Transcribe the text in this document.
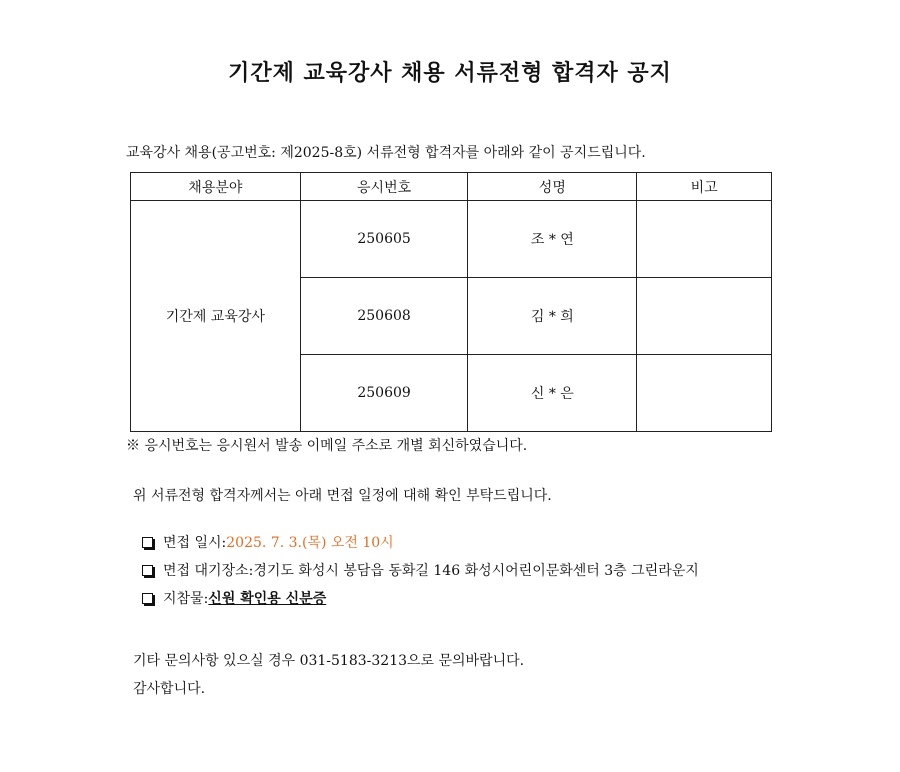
기간제 교육강사 채용 서류전형 합격자 공지
교육강사 채용(공고번호: 제2025-8호) 서류전형 합격자를 아래와 같이 공지드립니다.
채용분야	응시번호	성명	비고
기간제 교육강사	250605	조 * 연	
	250608	김 * 희	
	250609	신 * 은	
※ 응시번호는 응시원서 발송 이메일 주소로 개별 회신하였습니다.
위 서류전형 합격자께서는 아래 면접 일정에 대해 확인 부탁드립니다.
면접 일시: 2025. 7. 3.(목) 오전 10시
면접 대기장소: 경기도 화성시 봉담읍 동화길 146 화성시어린이문화센터 3층 그린라운지
지참물: 신원 확인용 신분증
기타 문의사항 있으실 경우 031-5183-3213으로 문의바랍니다.
감사합니다.
